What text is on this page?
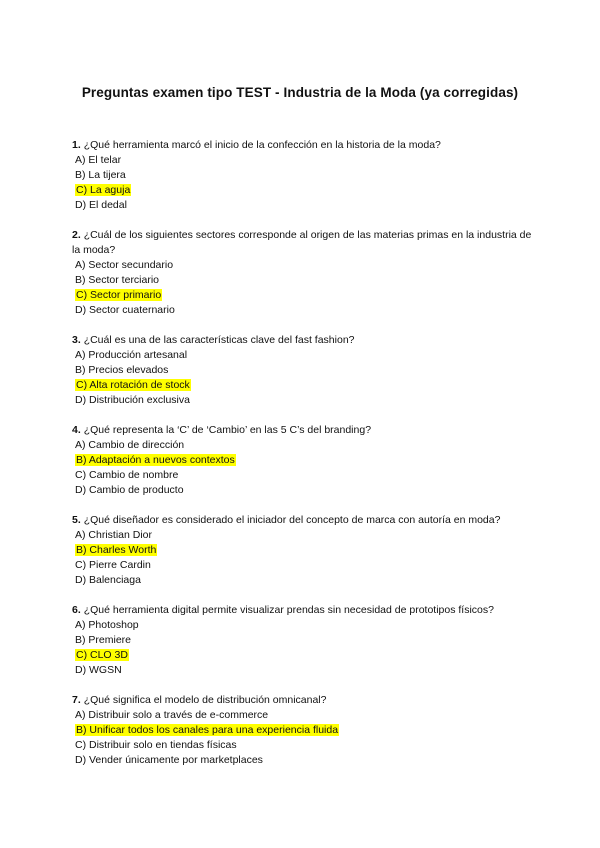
Preguntas examen tipo TEST - Industria de la Moda (ya corregidas)

1. ¿Qué herramienta marcó el inicio de la confección en la historia de la moda?

A) El telar
B) La tijera
C) La aguja
D) El dedal

2. ¿Cuál de los siguientes sectores corresponde al origen de las materias primas en la industria de la moda?

A) Sector secundario
B) Sector terciario
C) Sector primario
D) Sector cuaternario

3. ¿Cuál es una de las características clave del fast fashion?

A) Producción artesanal
B) Precios elevados
C) Alta rotación de stock
D) Distribución exclusiva

4. ¿Qué representa la ‘C’ de ‘Cambio’ en las 5 C’s del branding?

A) Cambio de dirección
B) Adaptación a nuevos contextos
C) Cambio de nombre
D) Cambio de producto

5. ¿Qué diseñador es considerado el iniciador del concepto de marca con autoría en moda?

A) Christian Dior
B) Charles Worth
C) Pierre Cardin
D) Balenciaga

6. ¿Qué herramienta digital permite visualizar prendas sin necesidad de prototipos físicos?

A) Photoshop
B) Premiere
C) CLO 3D
D) WGSN

7. ¿Qué significa el modelo de distribución omnicanal?

A) Distribuir solo a través de e-commerce
B) Unificar todos los canales para una experiencia fluida
C) Distribuir solo en tiendas físicas
D) Vender únicamente por marketplaces
